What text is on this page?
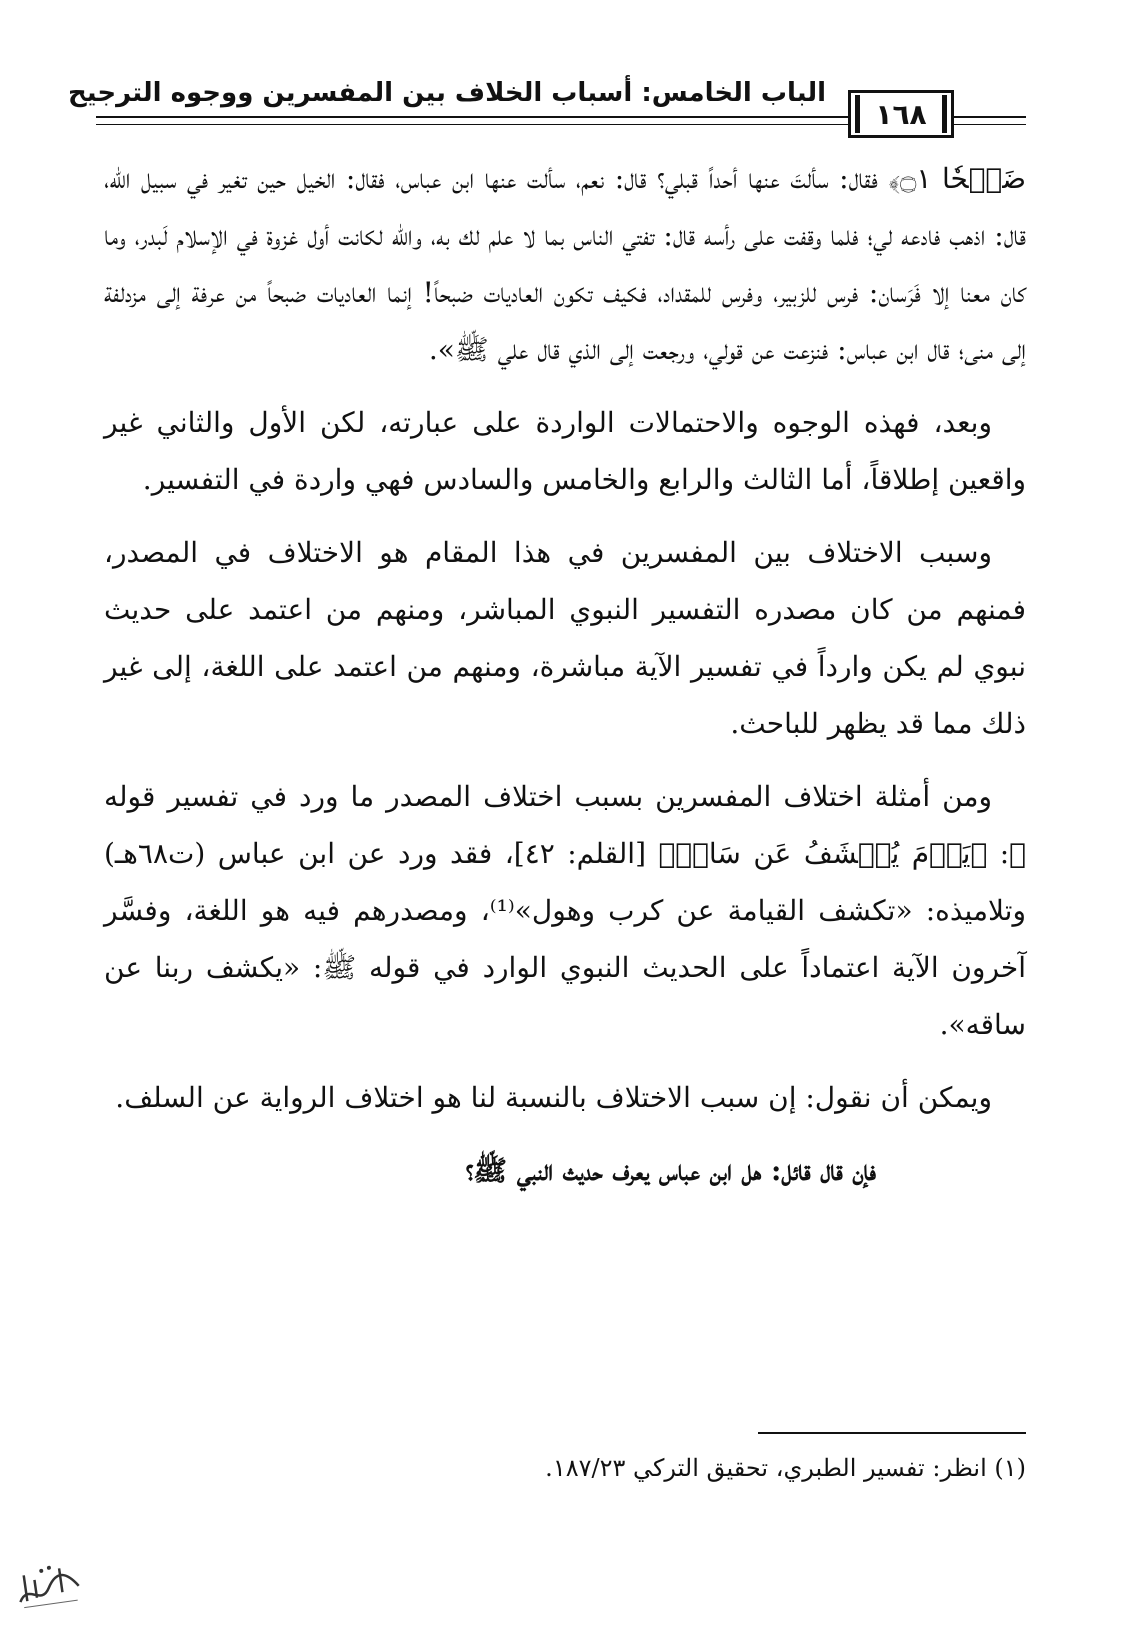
الباب الخامس: أسباب الخلاف بين المفسرين ووجوه الترجيح
١٦٨

ضَبۡحٗا ۝١﴾ فقال: سألتَ عنها أحداً قبلي؟ قال: نعم، سألت عنها ابن عباس، فقال: الخيل حين تغير في سبيل الله، قال: اذهب فادعه لي؛ فلما وقفت على رأسه قال: تفتي الناس بما لا علم لك به، والله لكانت أول غزوة في الإسلام لَبدر، وما كان معنا إلا فَرَسان: فرس للزبير، وفرس للمقداد، فكيف تكون العاديات ضبحاً! إنما العاديات ضبحاً من عرفة إلى مزدلفة إلى منى؛ قال ابن عباس: فنزعت عن قولي، ورجعت إلى الذي قال علي ﷺ».

وبعد، فهذه الوجوه والاحتمالات الواردة على عبارته، لكن الأول والثاني غير واقعين إطلاقاً، أما الثالث والرابع والخامس والسادس فهي واردة في التفسير.

وسبب الاختلاف بين المفسرين في هذا المقام هو الاختلاف في المصدر، فمنهم من كان مصدره التفسير النبوي المباشر، ومنهم من اعتمد على حديث نبوي لم يكن وارداً في تفسير الآية مباشرة، ومنهم من اعتمد على اللغة، إلى غير ذلك مما قد يظهر للباحث.

ومن أمثلة اختلاف المفسرين بسبب اختلاف المصدر ما ورد في تفسير قوله ﷻ: ﴿يَوۡمَ يُكۡشَفُ عَن سَاقٖ﴾ [القلم: ٤٢]، فقد ورد عن ابن عباس (ت٦٨هـ) وتلاميذه: «تكشف القيامة عن كرب وهول»⁽¹⁾، ومصدرهم فيه هو اللغة، وفسَّر آخرون الآية اعتماداً على الحديث النبوي الوارد في قوله ﷺ: «يكشف ربنا عن ساقه».

ويمكن أن نقول: إن سبب الاختلاف بالنسبة لنا هو اختلاف الرواية عن السلف.

فإن قال قائل: هل ابن عباس يعرف حديث النبي ﷺ؟

(١) انظر: تفسير الطبري، تحقيق التركي ١٨٧/٢٣.
